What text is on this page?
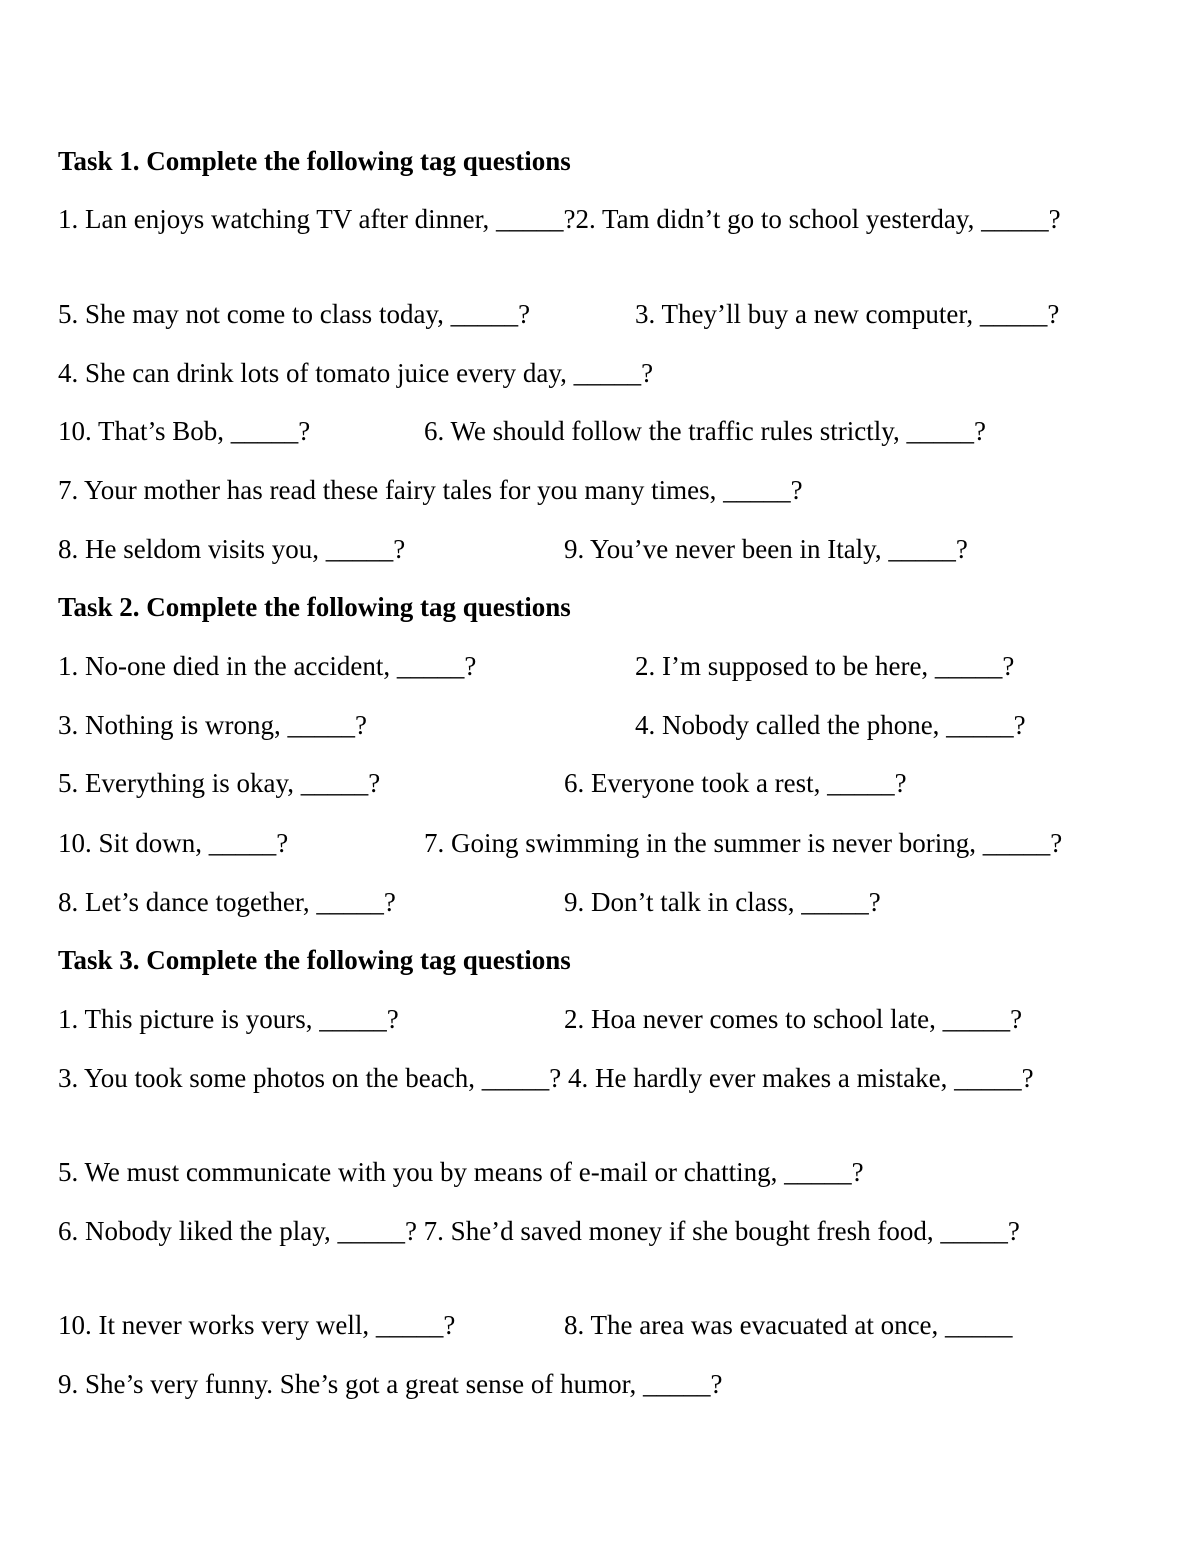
Task 1. Complete the following tag questions
1. Lan enjoys watching TV after dinner, _____?2. Tam didn’t go to school yesterday, _____?
5. She may not come to class today, _____?	3. They’ll buy a new computer, _____?
4. She can drink lots of tomato juice every day, _____?
10. That’s Bob, _____?	6. We should follow the traffic rules strictly, _____?
7. Your mother has read these fairy tales for you many times, _____?
8. He seldom visits you, _____?	9. You’ve never been in Italy, _____?
Task 2. Complete the following tag questions
1. No-one died in the accident, _____?	2. I’m supposed to be here, _____?
3. Nothing is wrong, _____?	4. Nobody called the phone, _____?
5. Everything is okay, _____?	6. Everyone took a rest, _____?
10. Sit down, _____?	7. Going swimming in the summer is never boring, _____?
8. Let’s dance together, _____?	9. Don’t talk in class, _____?
Task 3. Complete the following tag questions
1. This picture is yours, _____?	2. Hoa never comes to school late, _____?
3. You took some photos on the beach, _____? 4. He hardly ever makes a mistake, _____?
5. We must communicate with you by means of e-mail or chatting, _____?
6. Nobody liked the play, _____? 7. She’d saved money if she bought fresh food, _____?
10. It never works very well, _____?	8. The area was evacuated at once, _____
9. She’s very funny. She’s got a great sense of humor, _____?
